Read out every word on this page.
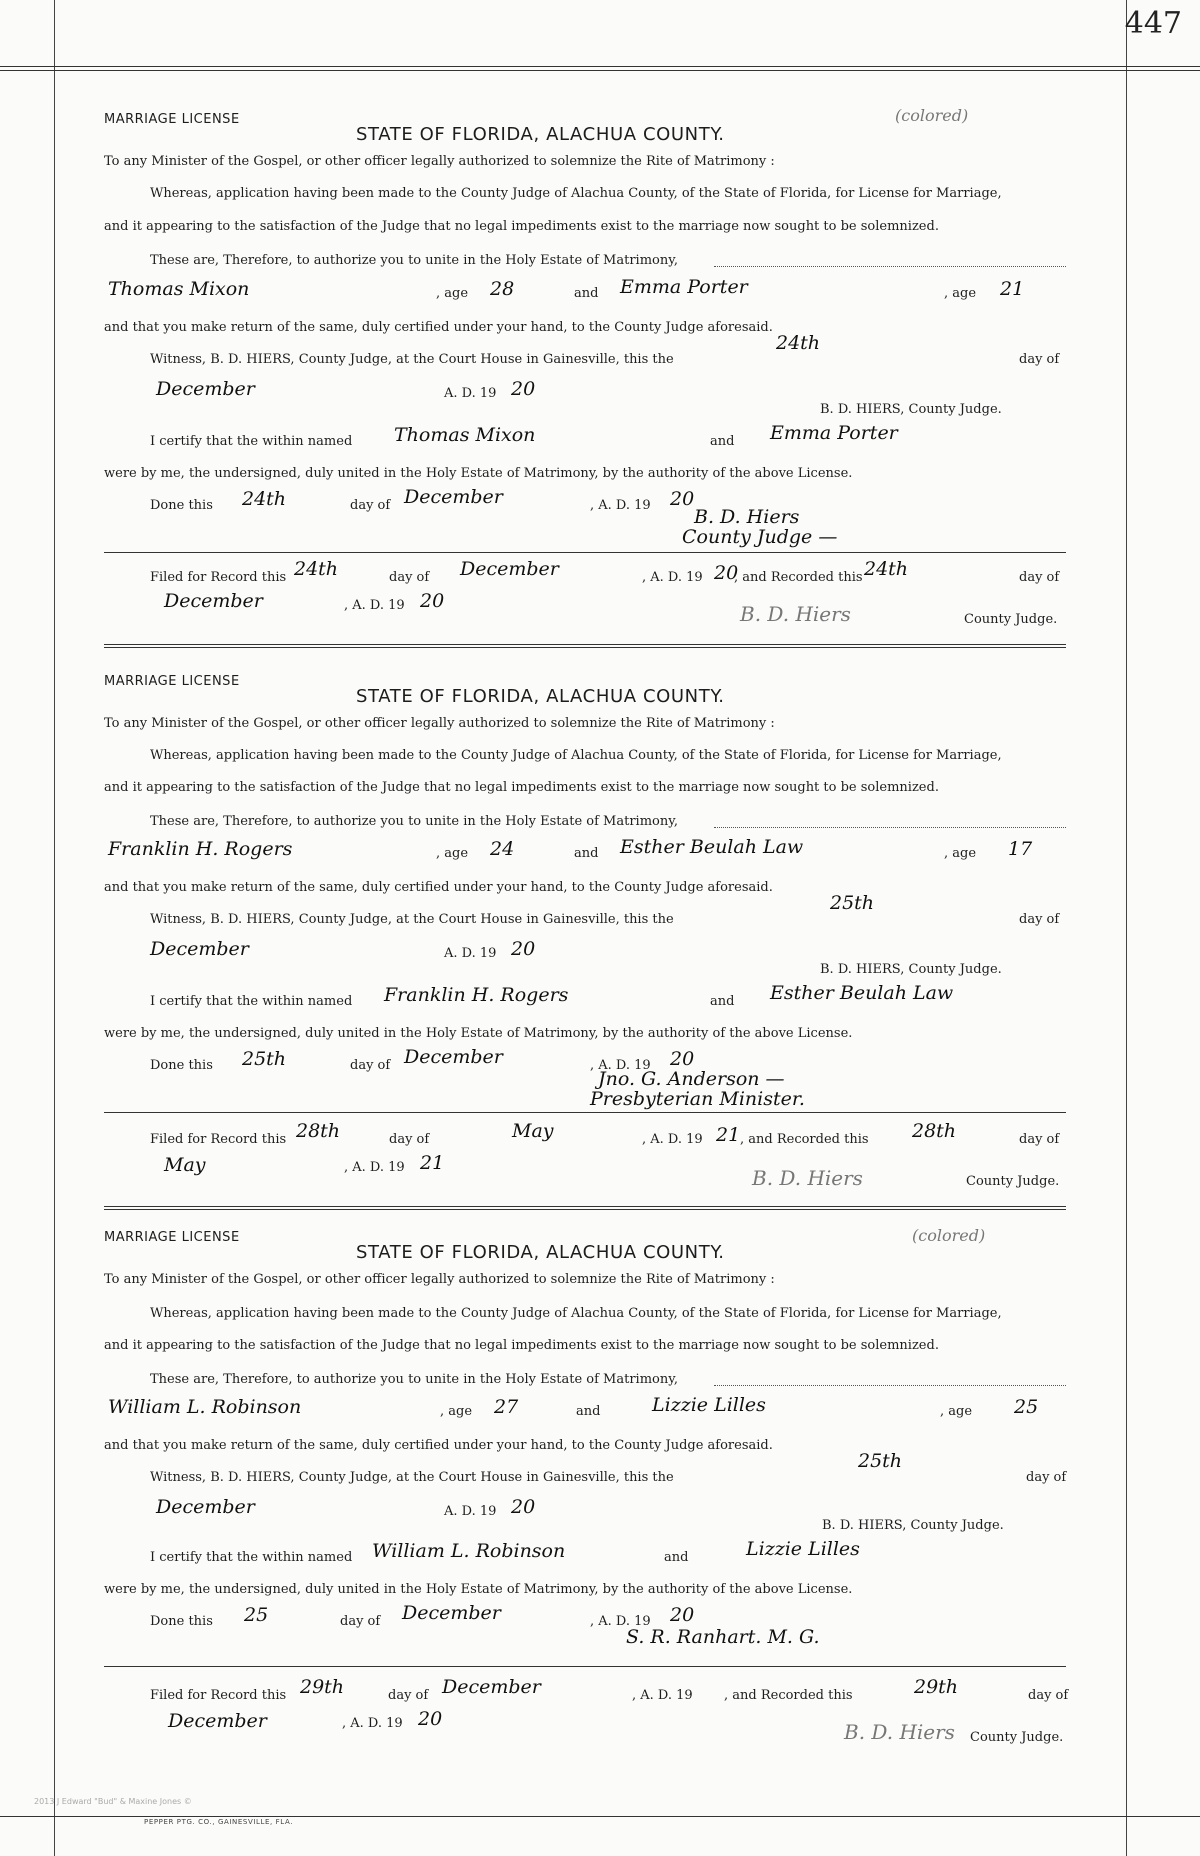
447
(colored)
(colored)
MARRIAGE LICENSE
STATE OF FLORIDA, ALACHUA COUNTY.
To any Minister of the Gospel, or other officer legally authorized to solemnize the Rite of Matrimony :
Whereas, application having been made to the County Judge of Alachua County, of the State of Florida, for License for Marriage,
and it appearing to the satisfaction of the Judge that no legal impediments exist to the marriage now sought to be solemnized.
These are, Therefore, to authorize you to unite in the Holy Estate of Matrimony,
Thomas Mixon	, age 28	and Emma Porter	, age 21
and that you make return of the same, duly certified under your hand, to the County Judge aforesaid.
Witness, B. D. HIERS, County Judge, at the Court House in Gainesville, this the
24th
day of
December	A. D. 19 20
B. D. HIERS, County Judge.
I certify that the within named Thomas Mixon	and Emma Porter
were by me, the undersigned, duly united in the Holy Estate of Matrimony, by the authority of the above License.
Done this 24th	day of December	, A. D. 19 20
B. D. Hiers
County Judge —
Filed for Record this 24th	day of December	, A. D. 19 20
, and Recorded this 24th	day of
December	, A. D. 19 20
B. D. Hiers	County Judge.
MARRIAGE LICENSE
STATE OF FLORIDA, ALACHUA COUNTY.
To any Minister of the Gospel, or other officer legally authorized to solemnize the Rite of Matrimony :
Whereas, application having been made to the County Judge of Alachua County, of the State of Florida, for License for Marriage,
and it appearing to the satisfaction of the Judge that no legal impediments exist to the marriage now sought to be solemnized.
These are, Therefore, to authorize you to unite in the Holy Estate of Matrimony,
Franklin H. Rogers	, age 24	and Esther Beulah Law	, age 17
and that you make return of the same, duly certified under your hand, to the County Judge aforesaid.
Witness, B. D. HIERS, County Judge, at the Court House in Gainesville, this the
25th
day of
December	A. D. 19 20
B. D. HIERS, County Judge.
I certify that the within named Franklin H. Rogers	and Esther Beulah Law
were by me, the undersigned, duly united in the Holy Estate of Matrimony, by the authority of the above License.
Done this 25th	day of December	, A. D. 19 20
Jno. G. Anderson —
Presbyterian Minister.
Filed for Record this 28th	day of	May	, A. D. 19 21 , and Recorded this 28th	day of
May	, A. D. 19 21
B. D. Hiers	County Judge.
MARRIAGE LICENSE
STATE OF FLORIDA, ALACHUA COUNTY.
To any Minister of the Gospel, or other officer legally authorized to solemnize the Rite of Matrimony :
Whereas, application having been made to the County Judge of Alachua County, of the State of Florida, for License for Marriage,
and it appearing to the satisfaction of the Judge that no legal impediments exist to the marriage now sought to be solemnized.
These are, Therefore, to authorize you to unite in the Holy Estate of Matrimony,
William L. Robinson	, age 27	and	Lizzie Lilles	, age 25
and that you make return of the same, duly certified under your hand, to the County Judge aforesaid.
Witness, B. D. HIERS, County Judge, at the Court House in Gainesville, this the
25th
day of
December	A. D. 19 20
B. D. HIERS, County Judge.
I certify that the within named William L. Robinson	and	Lizzie Lilles
were by me, the undersigned, duly united in the Holy Estate of Matrimony, by the authority of the above License.
Done this 25	day of December	, A. D. 19 20
S. R. Ranhart. M. G.
Filed for Record this 29th	day of December	, A. D. 19 , and Recorded this	29th	day of
December	, A. D. 19 20
B. D. Hiers County Judge.
2013 J Edward "Bud" & Maxine Jones ©
PEPPER PTG. CO., GAINESVILLE, FLA.
